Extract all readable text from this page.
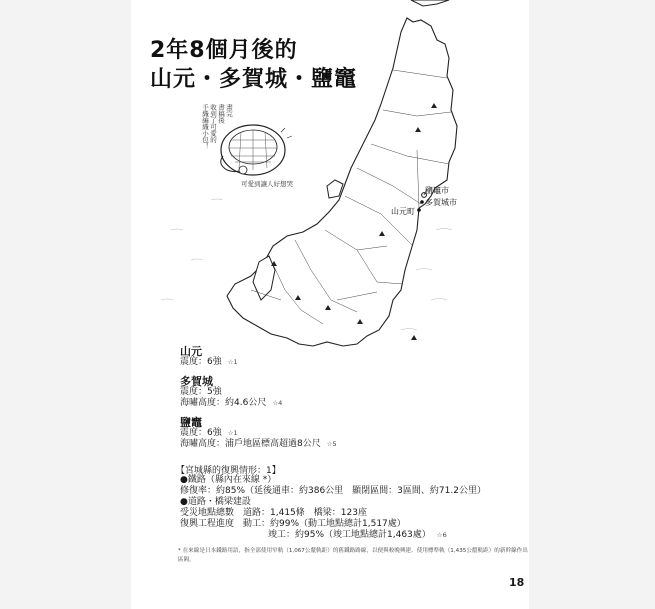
2年8個月後的
山元・多賀城・鹽竈
鹽竈市
多賀城市
山元町
畫完
書稿後
收到了可愛的
手織編織小包！
可愛到讓人好想哭
山元
震度：6強 ☆1
多賀城
震度：5強
海嘯高度：約4.6公尺 ☆4
鹽竈
震度：6強 ☆1
海嘯高度：浦戶地區標高超過8公尺 ☆5
【宮城縣的復興情形：1】
●鐵路（縣內在來線 *）
修復率：約85%（延後通車：約386公里　顯閉區間：3區間、約71.2公里）
●道路・橋梁建設
受災地點總數　道路：1,415條　橋梁：123座
復興工程進度　動工：約99%（動工地點總計1,517處）
竣工：約95%（竣工地點總計1,463處） ☆6
* 在來線是日本鐵路用語，指全部使用窄軌（1,067公釐軌距）的舊鐵路路線，以便與較晚興建、使用標準軌（1,435公釐軌距）的新幹線作出區隔。
18
